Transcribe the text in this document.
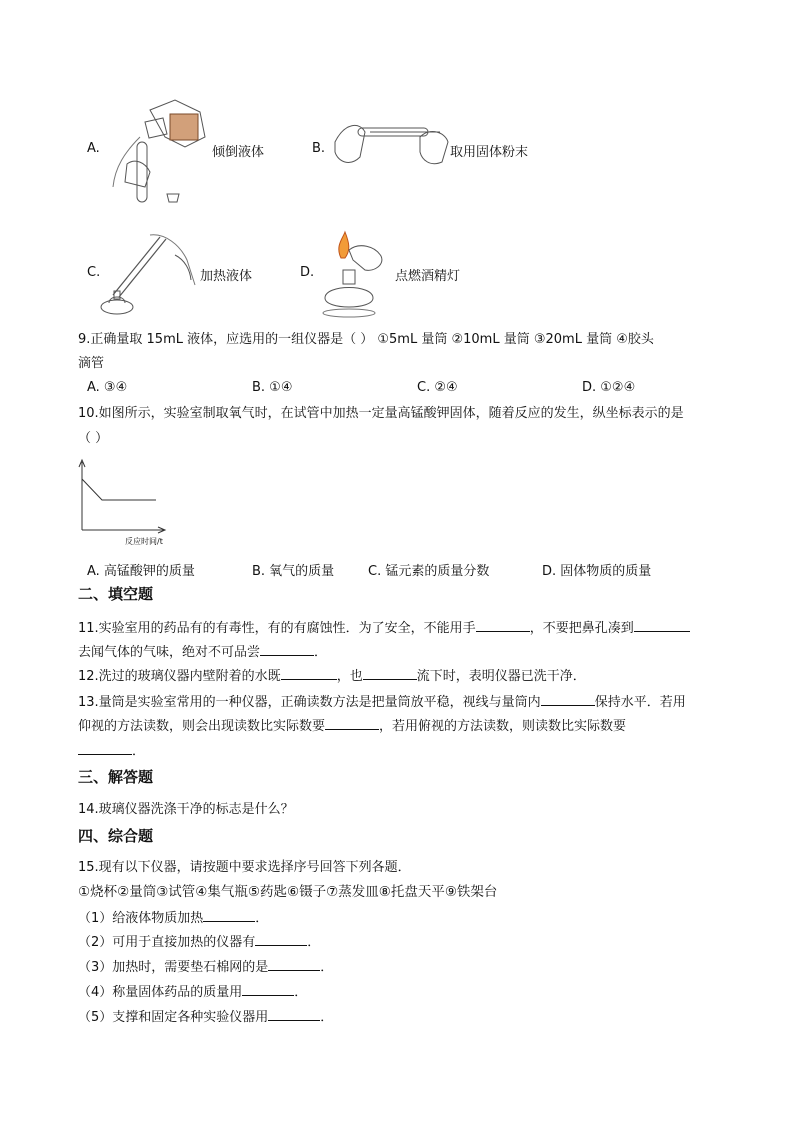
A.	倾倒液体	B.	取用固体粉末
C.	加热液体	D.	点燃酒精灯
9.正确量取 15mL 液体，应选用的一组仪器是（ ） ①5mL 量筒 ②10mL 量筒 ③20mL 量筒 ④胶头
滴管
A. ③④	B. ①④	C. ②④	D. ①②④
10.如图所示，实验室制取氧气时，在试管中加热一定量高锰酸钾固体，随着反应的发生，纵坐标表示的是
（ ）
反应时间/t
A. 高锰酸钾的质量	B. 氧气的质量	C. 锰元素的质量分数	D. 固体物质的质量
二、填空题
11.实验室用的药品有的有毒性，有的有腐蚀性．为了安全，不能用手	，不要把鼻孔凑到
去闻气体的气味，绝对不可品尝	．
12.洗过的玻璃仪器内壁附着的水既	，也	流下时，表明仪器已洗干净．
13.量筒是实验室常用的一种仪器，正确读数方法是把量筒放平稳，视线与量筒内	保持水平．若用
仰视的方法读数，则会出现读数比实际数要	，若用俯视的方法读数，则读数比实际数要
．
三、解答题
14.玻璃仪器洗涤干净的标志是什么？
四、综合题
15.现有以下仪器，请按题中要求选择序号回答下列各题．
①烧杯②量筒③试管④集气瓶⑤药匙⑥镊子⑦蒸发皿⑧托盘天平⑨铁架台
（1）给液体物质加热	．
（2）可用于直接加热的仪器有	．
（3）加热时，需要垫石棉网的是	．
（4）称量固体药品的质量用	．
（5）支撑和固定各种实验仪器用	．
